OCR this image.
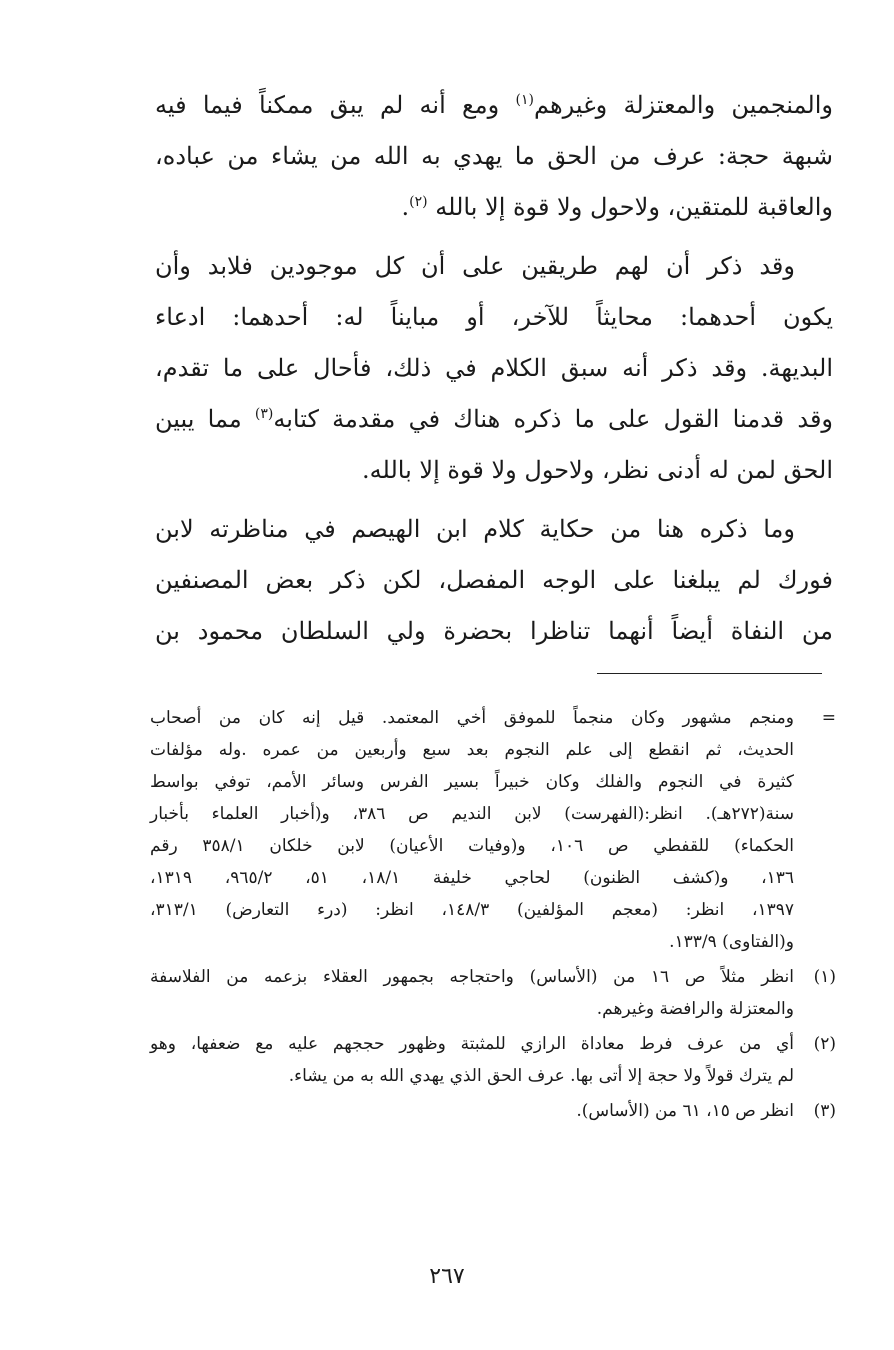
والمنجمين والمعتزلة وغيرهم$^{(١)}$ ومع أنه لم يبق ممكناً فيما فيه
شبهة حجة: عرف من الحق ما يهدي به الله من يشاء من عباده،
والعاقبة للمتقين، ولاحول ولا قوة إلا بالله $^{(٢)}$.

وقد ذكر أن لهم طريقين على أن كل موجودين فلابد وأن
يكون أحدهما: محايثاً للآخر، أو مبايناً له: أحدهما: ادعاء
البديهة. وقد ذكر أنه سبق الكلام في ذلك، فأحال على ما تقدم،
وقد قدمنا القول على ما ذكره هناك في مقدمة كتابه$^{(٣)}$ مما يبين
الحق لمن له أدنى نظر، ولاحول ولا قوة إلا بالله.

وما ذكره هنا من حكاية كلام ابن الهيصم في مناظرته لابن
فورك لم يبلغنا على الوجه المفصل، لكن ذكر بعض المصنفين
من النفاة أيضاً أنهما تناظرا بحضرة ولي السلطان محمود بن

=
ومنجم مشهور وكان منجماً للموفق أخي المعتمد. قيل إنه كان من أصحاب
الحديث، ثم انقطع إلى علم النجوم بعد سبع وأربعين من عمره .وله مؤلفات
كثيرة في النجوم والفلك وكان خبيراً بسير الفرس وسائر الأمم، توفي بواسط
سنة(٢٧٢هـ). انظر:(الفهرست) لابن النديم ص ٣٨٦، و(أخبار العلماء بأخبار
الحكماء) للقفطي ص ١٠٦، و(وفيات الأعيان) لابن خلكان ٣٥٨/١ رقم
١٣٦، و(كشف الظنون) لحاجي خليفة ١٨/١، ٥١، ٩٦٥/٢، ١٣١٩،
١٣٩٧، انظر: (معجم المؤلفين) ١٤٨/٣، انظر: (درء التعارض) ٣١٣/١،
و(الفتاوى) ١٣٣/٩.
(١)
انظر مثلاً ص ١٦ من (الأساس) واحتجاجه بجمهور العقلاء بزعمه من الفلاسفة
والمعتزلة والرافضة وغيرهم.
(٢)
أي من عرف فرط معاداة الرازي للمثبتة وظهور حججهم عليه مع ضعفها، وهو
لم يترك قولاً ولا حجة إلا أتى بها. عرف الحق الذي يهدي الله به من يشاء.
(٣)
انظر ص ١٥، ٦١ من (الأساس).
٢٦٧
